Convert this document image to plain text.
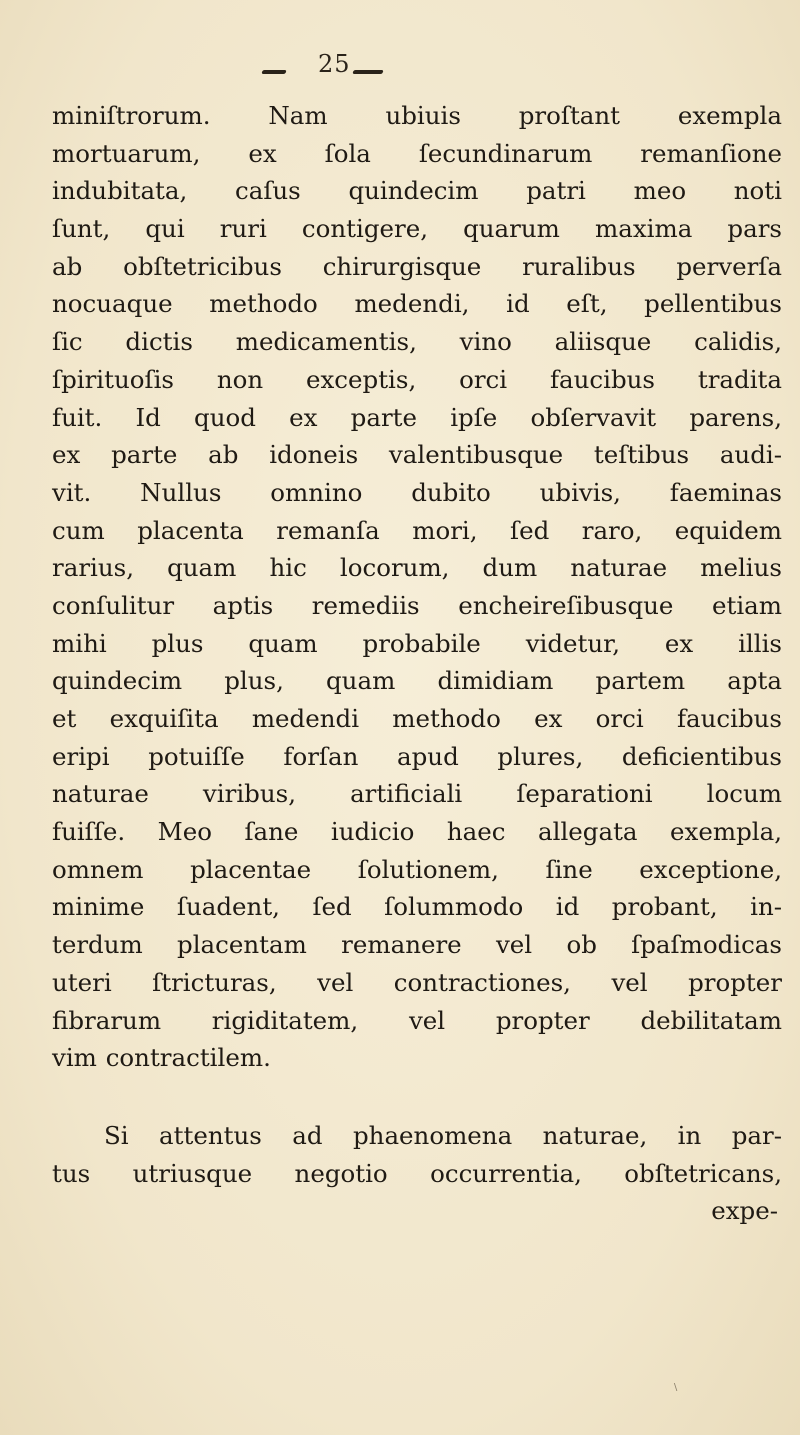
25
miniſtrorum. Nam ubiuis proſtant exempla
mortuarum, ex ſola ſecundinarum remanſione
indubitata, caſus quindecim patri meo noti
ſunt, qui ruri contigere, quarum maxima pars
ab obſtetricibus chirurgisque ruralibus perverſa
nocuaque methodo medendi, id eſt, pellentibus
ſic dictis medicamentis, vino aliisque calidis,
ſpirituoſis non exceptis, orci faucibus tradita
fuit. Id quod ex parte ipſe obſervavit parens,
ex parte ab idoneis valentibusque teſtibus audi-
vit. Nullus omnino dubito ubivis, faeminas
cum placenta remanſa mori, ſed raro, equidem
rarius, quam hic locorum, dum naturae melius
conſulitur aptis remediis encheireſibusque etiam
mihi plus quam probabile videtur, ex illis
quindecim plus, quam dimidiam partem apta
et exquiſita medendi methodo ex orci faucibus
eripi potuiſſe forſan apud plures, deficientibus
naturae viribus, artificiali ſeparationi locum
fuiſſe. Meo ſane iudicio haec allegata exempla,
omnem placentae ſolutionem, ſine exceptione,
minime ſuadent, ſed ſolummodo id probant, in-
terdum placentam remanere vel ob ſpaſmodicas
uteri ſtricturas, vel contractiones, vel propter
fibrarum rigiditatem, vel propter debilitatam
vim contractilem.
Si attentus ad phaenomena naturae, in par-
tus utriusque negotio occurrentia, obſtetricans,
expe-
∖
